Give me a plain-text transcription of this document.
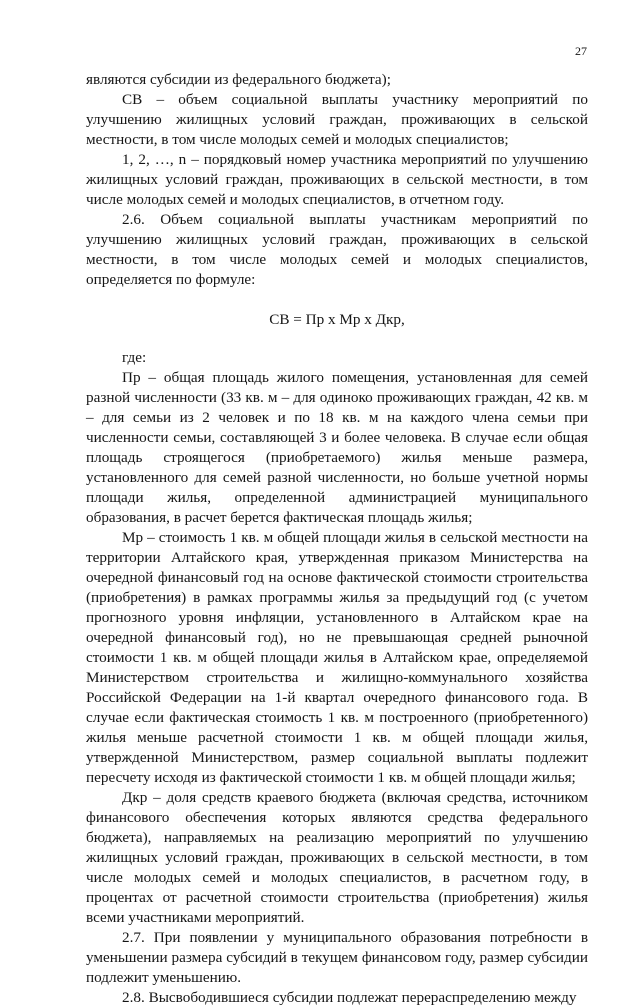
27

являются субсидии из федерального бюджета);

СВ – объем социальной выплаты участнику мероприятий по улучшению жилищных условий граждан, проживающих в сельской местности, в том числе молодых семей и молодых специалистов;

1, 2, …, n – порядковый номер участника мероприятий по улучшению жилищных условий граждан, проживающих в сельской местности, в том числе молодых семей и молодых специалистов, в отчетном году.

2.6. Объем социальной выплаты участникам мероприятий по улучшению жилищных условий граждан, проживающих в сельской местности, в том числе молодых семей и молодых специалистов, определяется по формуле:

СВ = Пр х Мр х Дкр,

где:

Пр – общая площадь жилого помещения, установленная для семей разной численности (33 кв. м – для одиноко проживающих граждан, 42 кв. м – для семьи из 2 человек и по 18 кв. м на каждого члена семьи при численности семьи, составляющей 3 и более человека. В случае если общая площадь строящегося (приобретаемого) жилья меньше размера, установленного для семей разной численности, но больше учетной нормы площади жилья, определенной администрацией муниципального образования, в расчет берется фактическая площадь жилья;

Мр – стоимость 1 кв. м общей площади жилья в сельской местности на территории Алтайского края, утвержденная приказом Министерства на очередной финансовый год на основе фактической стоимости строительства (приобретения) в рамках программы жилья за предыдущий год (с учетом прогнозного уровня инфляции, установленного в Алтайском крае на очередной финансовый год), но не превышающая средней рыночной стоимости 1 кв. м общей площади жилья в Алтайском крае, определяемой Министерством строительства и жилищно-коммунального хозяйства Российской Федерации на 1-й квартал очередного финансового года. В случае если фактическая стоимость 1 кв. м построенного (приобретенного) жилья меньше расчетной стоимости 1 кв. м общей площади жилья, утвержденной Министерством, размер социальной выплаты подлежит пересчету исходя из фактической стоимости 1 кв. м общей площади жилья;

Дкр – доля средств краевого бюджета (включая средства, источником финансового обеспечения которых являются средства федерального бюджета), направляемых на реализацию мероприятий по улучшению жилищных условий граждан, проживающих в сельской местности, в том числе молодых семей и молодых специалистов, в расчетном году, в процентах от расчетной стоимости строительства (приобретения) жилья всеми участниками мероприятий.

2.7. При появлении у муниципального образования потребности в уменьшении размера субсидий в текущем финансовом году, размер субсидии подлежит уменьшению.

2.8. Высвободившиеся субсидии подлежат перераспределению между
